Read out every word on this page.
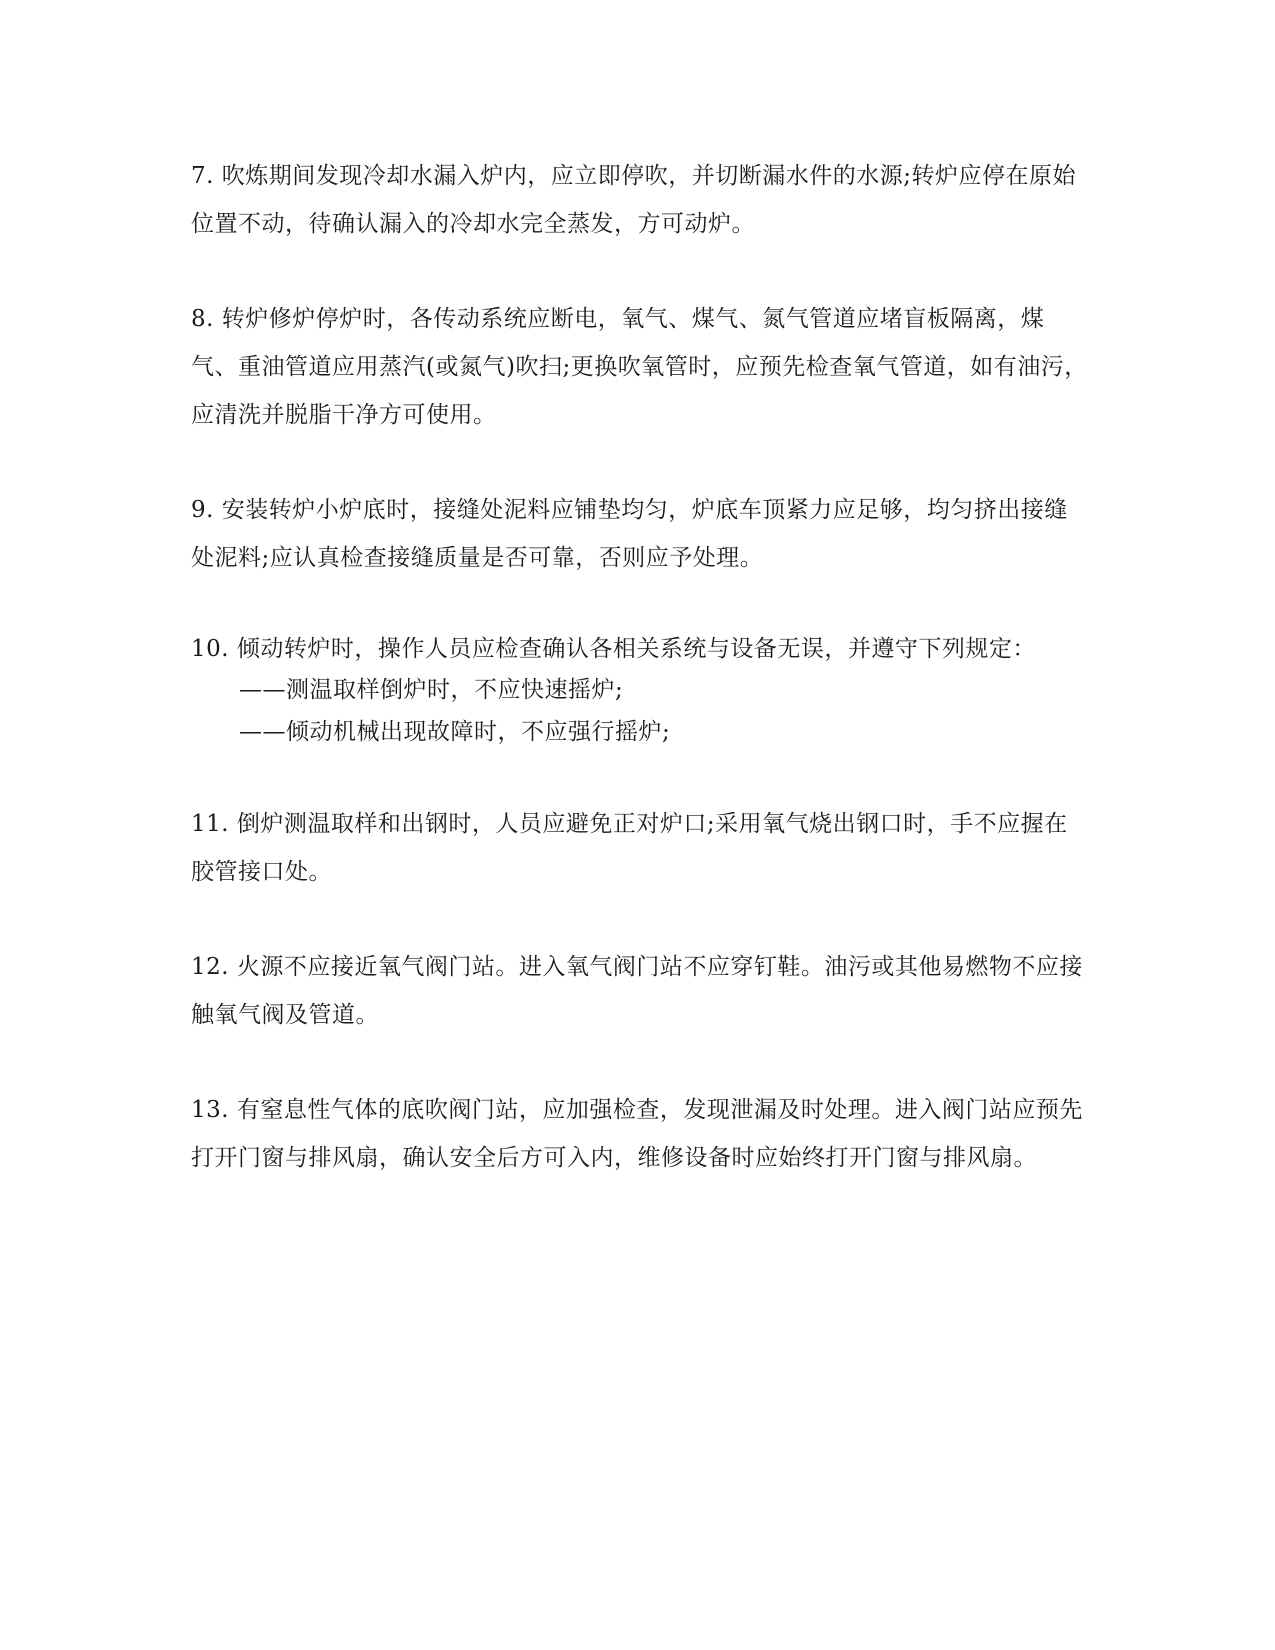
7. 吹炼期间发现冷却水漏入炉内，应立即停吹，并切断漏水件的水源;转炉应停在原始位置不动，待确认漏入的冷却水完全蒸发，方可动炉。

8. 转炉修炉停炉时，各传动系统应断电，氧气、煤气、氮气管道应堵盲板隔离，煤气、重油管道应用蒸汽(或氮气)吹扫;更换吹氧管时，应预先检查氧气管道，如有油污，应清洗并脱脂干净方可使用。

9. 安装转炉小炉底时，接缝处泥料应铺垫均匀，炉底车顶紧力应足够，均匀挤出接缝处泥料;应认真检查接缝质量是否可靠，否则应予处理。

10. 倾动转炉时，操作人员应检查确认各相关系统与设备无误，并遵守下列规定：
——测温取样倒炉时，不应快速摇炉;
——倾动机械出现故障时，不应强行摇炉;

11. 倒炉测温取样和出钢时，人员应避免正对炉口;采用氧气烧出钢口时，手不应握在胶管接口处。

12. 火源不应接近氧气阀门站。进入氧气阀门站不应穿钉鞋。油污或其他易燃物不应接触氧气阀及管道。

13. 有窒息性气体的底吹阀门站，应加强检查，发现泄漏及时处理。进入阀门站应预先打开门窗与排风扇，确认安全后方可入内，维修设备时应始终打开门窗与排风扇。
